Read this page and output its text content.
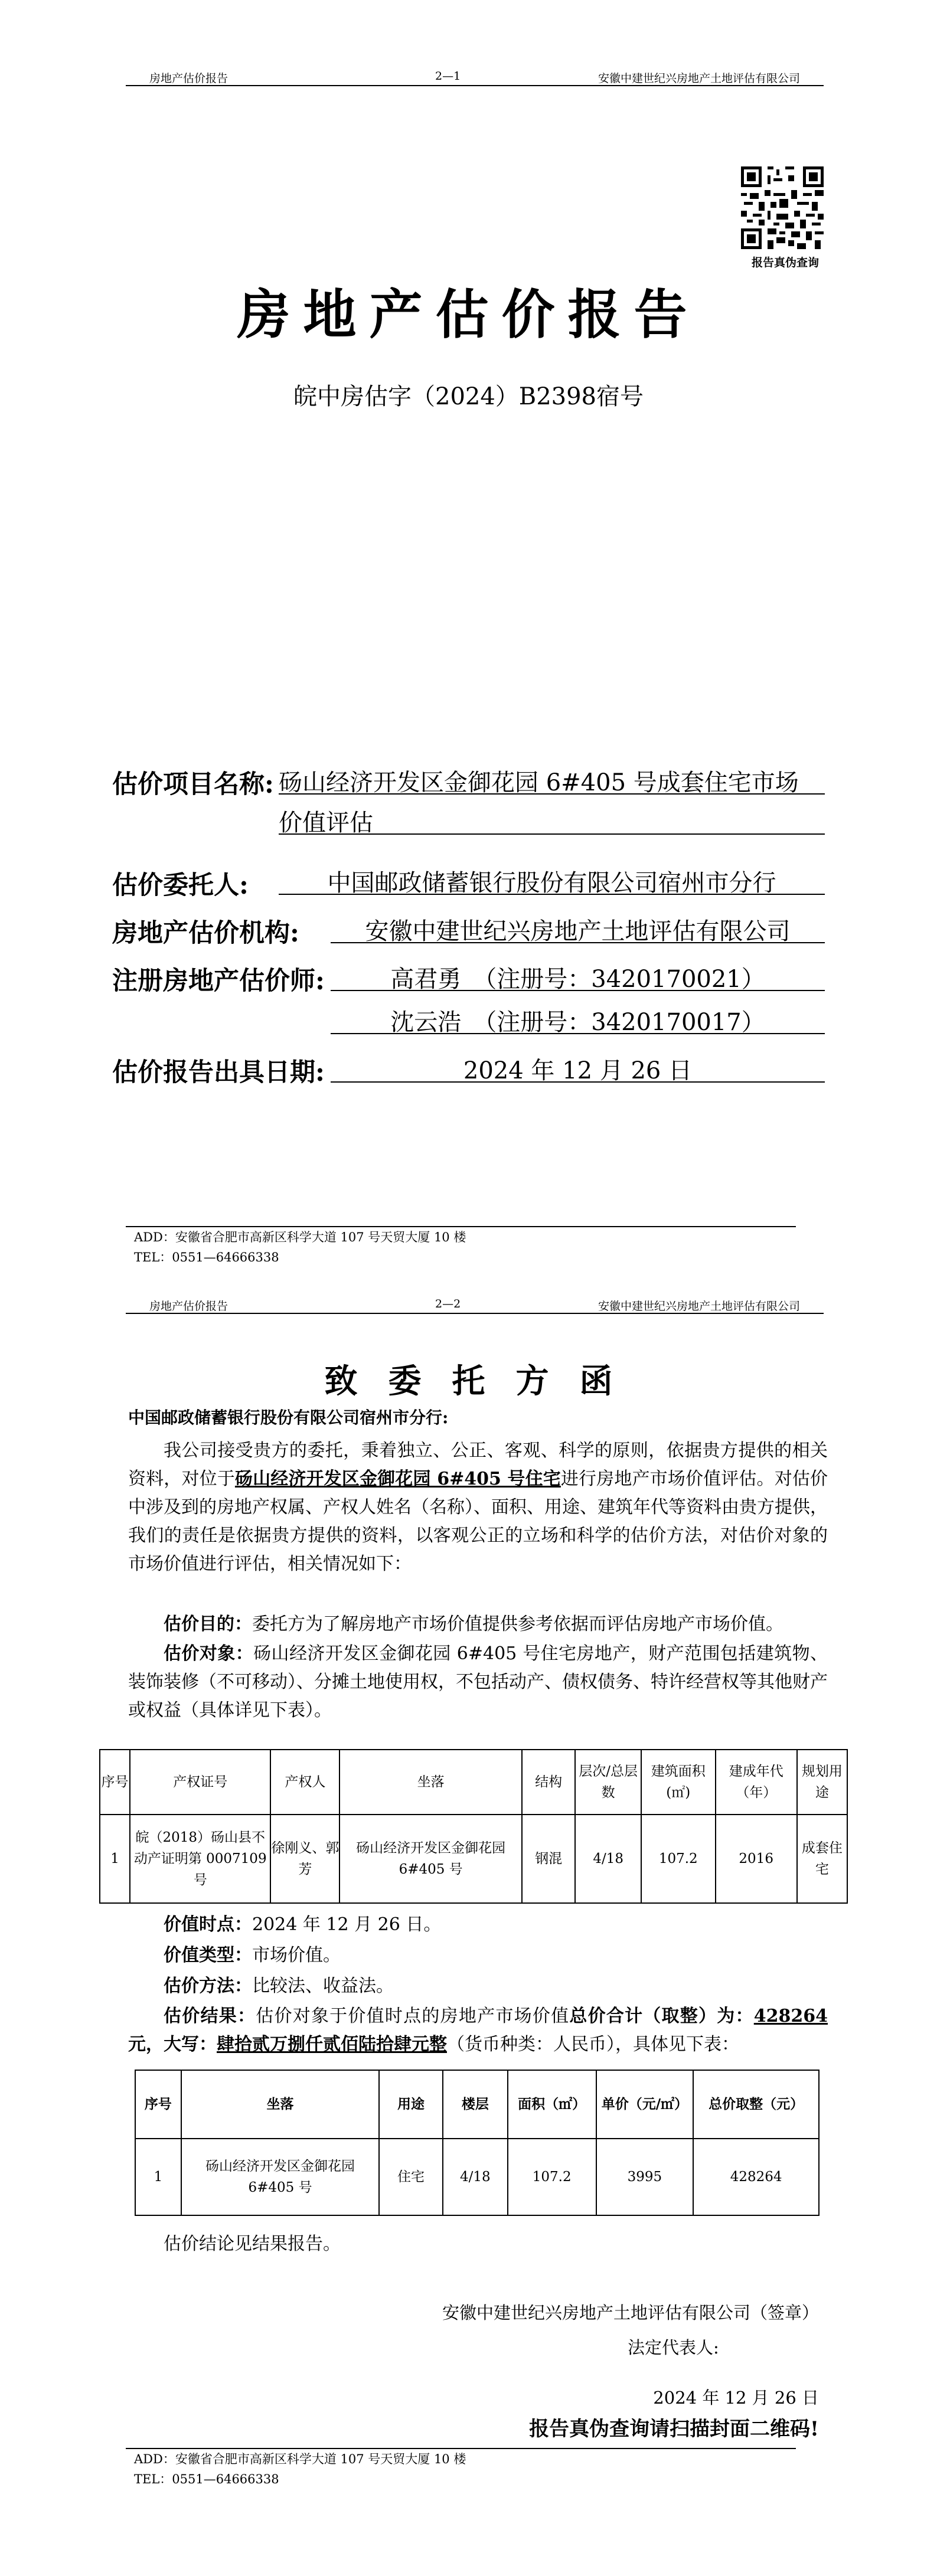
房地产估价报告	2—1	安徽中建世纪兴房地产土地评估有限公司
报告真伪查询
房地产估价报告
皖中房估字（2024）B2398宿号
估价项目名称: 砀山经济开发区金御花园 6#405 号成套住宅市场
价值评估
估价委托人:	中国邮政储蓄银行股份有限公司宿州市分行
房地产估价机构:	安徽中建世纪兴房地产土地评估有限公司
注册房地产估价师:	高君勇　（注册号：3420170021）
沈云浩　（注册号：3420170017）
估价报告出具日期:	2024 年 12 月 26 日
ADD：安徽省合肥市高新区科学大道 107 号天贸大厦 10 楼
TEL：0551—64666338
房地产估价报告	2—2	安徽中建世纪兴房地产土地评估有限公司
致委托方函
中国邮政储蓄银行股份有限公司宿州市分行:
我公司接受贵方的委托，秉着独立、公正、客观、科学的原则，依据贵方提供的相关资料，对位于砀山经济开发区金御花园 6#405 号住宅进行房地产市场价值评估。对估价中涉及到的房地产权属、产权人姓名（名称）、面积、用途、建筑年代等资料由贵方提供，我们的责任是依据贵方提供的资料，以客观公正的立场和科学的估价方法，对估价对象的市场价值进行评估，相关情况如下：
估价目的：委托方为了解房地产市场价值提供参考依据而评估房地产市场价值。
估价对象：砀山经济开发区金御花园 6#405 号住宅房地产，财产范围包括建筑物、装饰装修（不可移动）、分摊土地使用权，不包括动产、债权债务、特许经营权等其他财产或权益（具体详见下表）。
序号	产权证号	产权人	坐落	结构	层次/总层数	建筑面积(㎡)	建成年代（年）	规划用途
1	皖（2018）砀山县不动产证明第 0007109 号	徐刚义、郭芳	砀山经济开发区金御花园 6#405 号	钢混	4/18	107.2	2016	成套住宅
价值时点：2024 年 12 月 26 日。
价值类型：市场价值。
估价方法：比较法、收益法。
估价结果：估价对象于价值时点的房地产市场价值总价合计（取整）为：428264元，大写：肆拾贰万捌仟贰佰陆拾肆元整（货币种类：人民币），具体见下表：
序号	坐落	用途	楼层	面积（㎡）	单价（元/㎡）	总价取整（元）
1	砀山经济开发区金御花园 6#405 号	住宅	4/18	107.2	3995	428264
估价结论见结果报告。
安徽中建世纪兴房地产土地评估有限公司（签章）
法定代表人:
2024 年 12 月 26 日
报告真伪查询请扫描封面二维码!
ADD：安徽省合肥市高新区科学大道 107 号天贸大厦 10 楼
TEL：0551—64666338
